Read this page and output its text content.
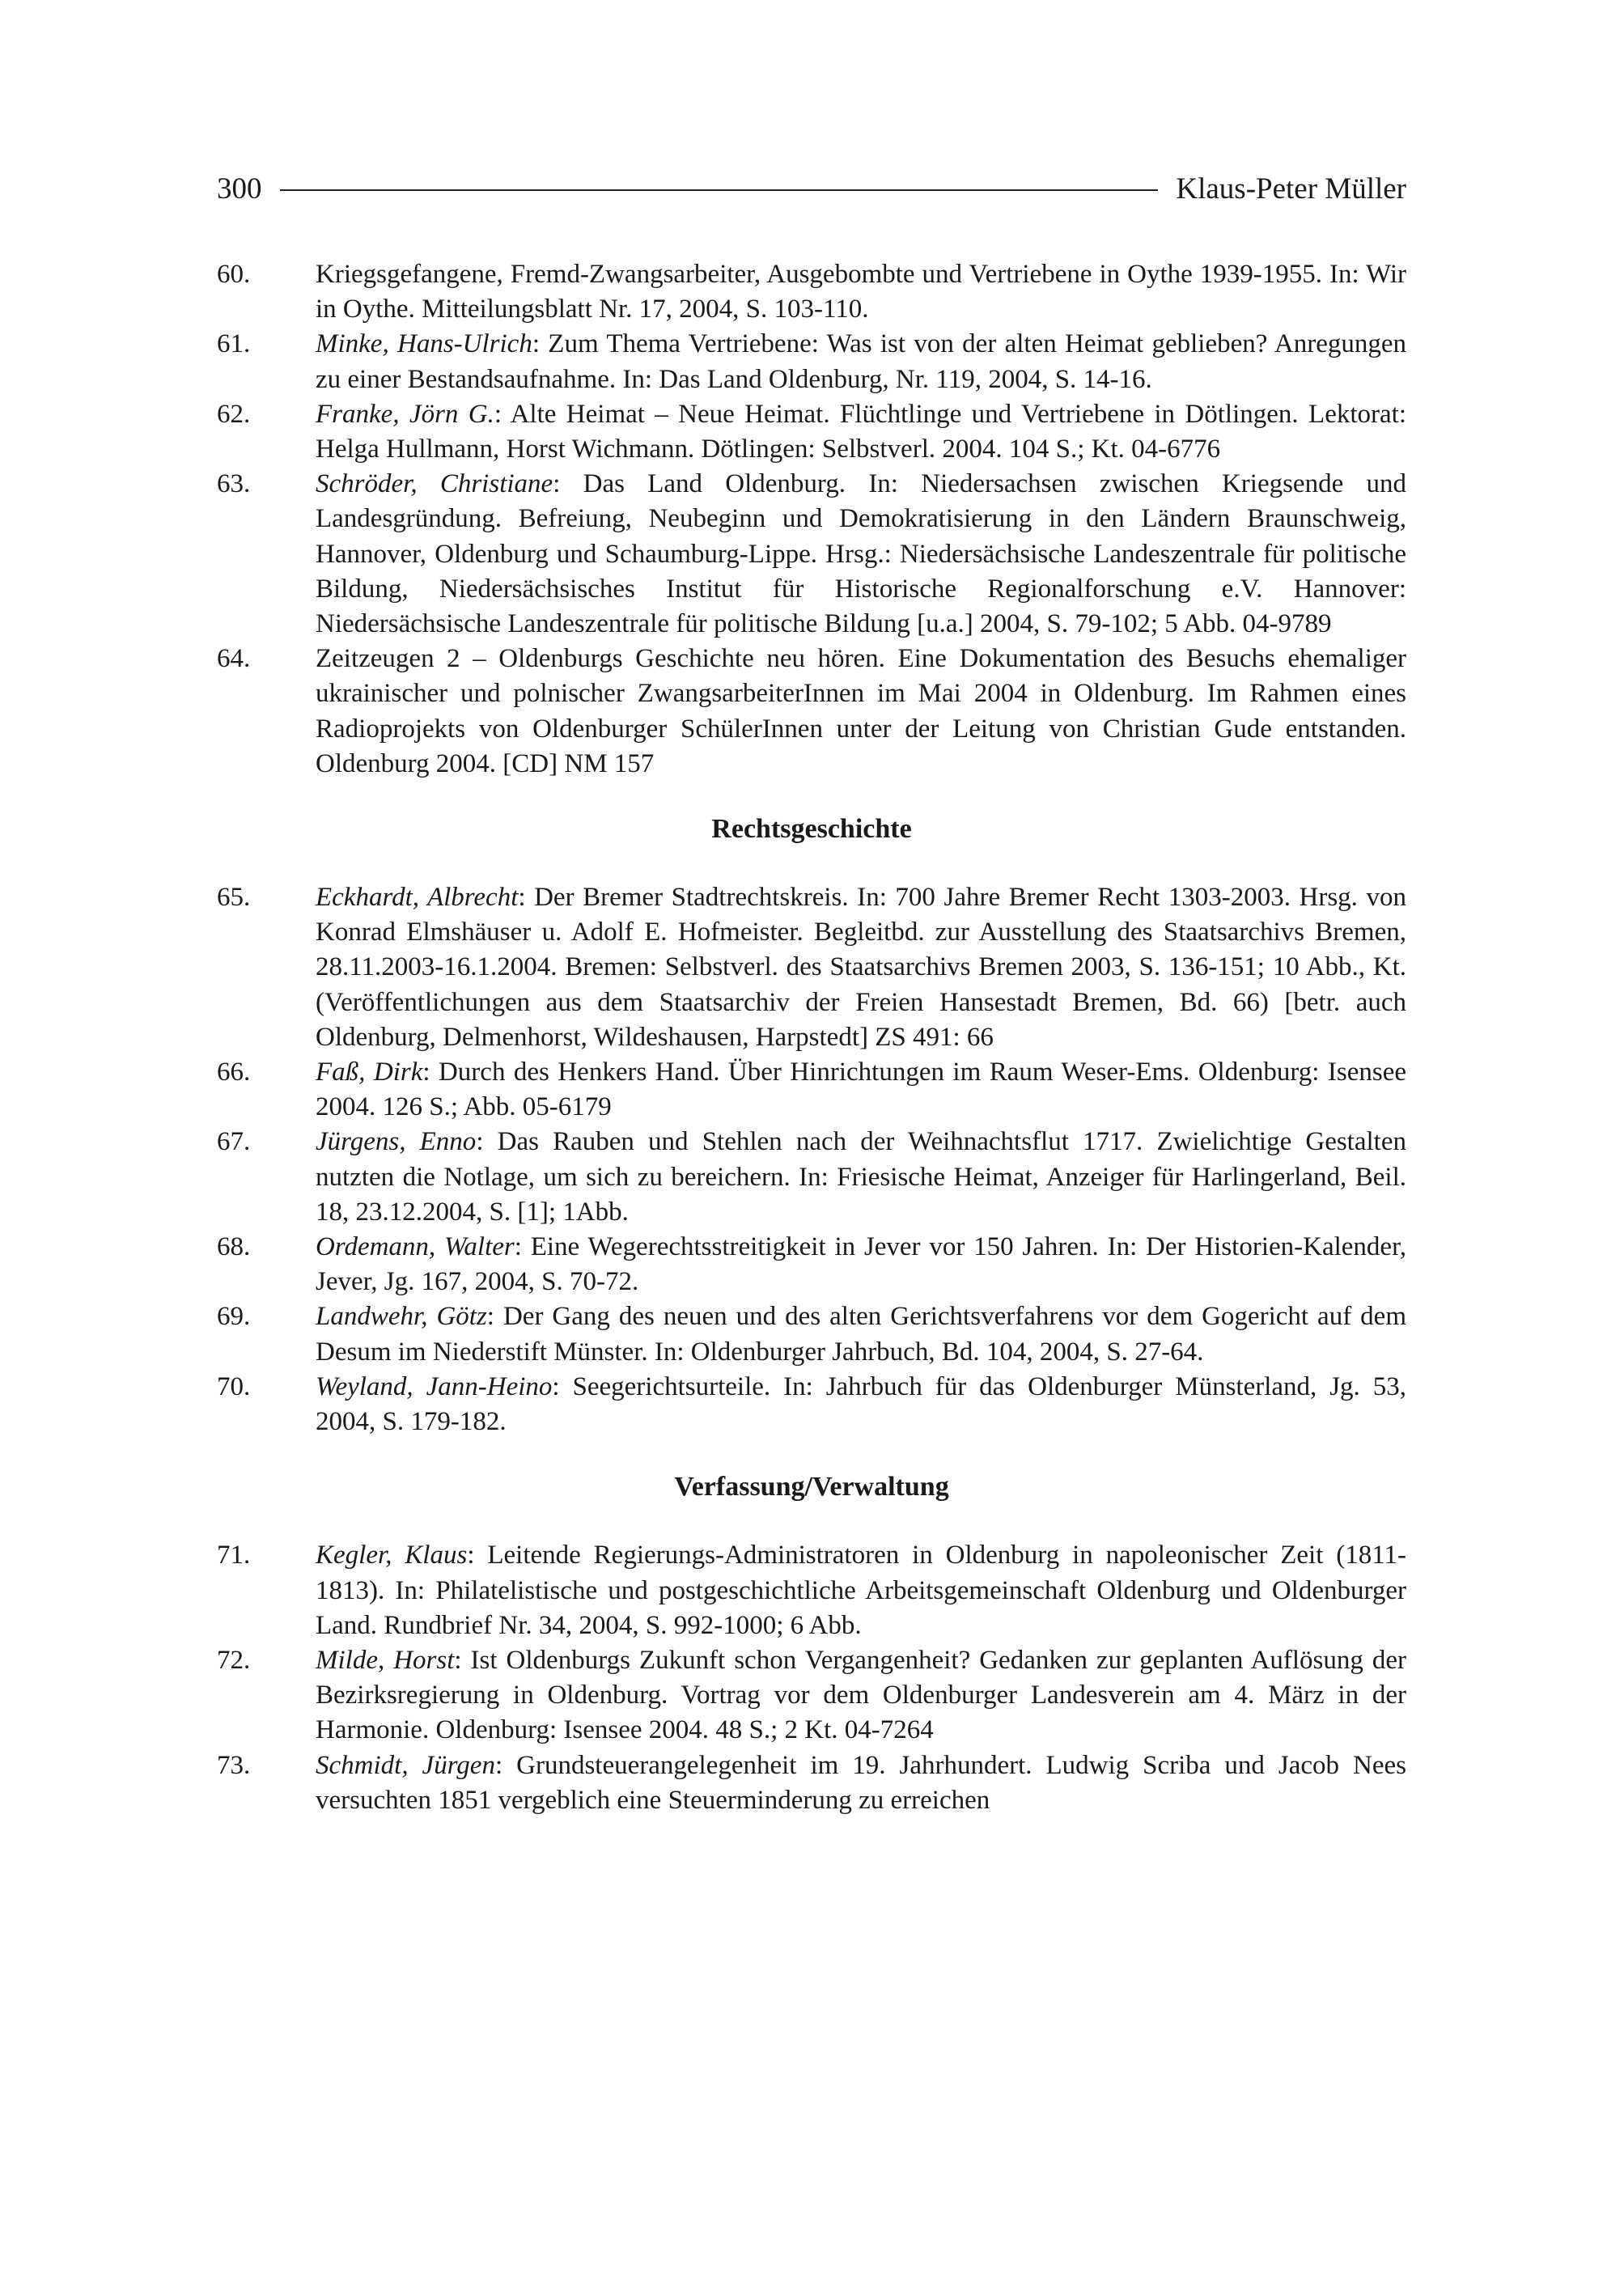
300	Klaus-Peter Müller
60.	Kriegsgefangene, Fremd-Zwangsarbeiter, Ausgebombte und Vertriebene in Oythe 1939-1955. In: Wir in Oythe. Mitteilungsblatt Nr. 17, 2004, S. 103-110.
61.	Minke, Hans-Ulrich: Zum Thema Vertriebene: Was ist von der alten Heimat geblieben? Anregungen zu einer Bestandsaufnahme. In: Das Land Oldenburg, Nr. 119, 2004, S. 14-16.
62.	Franke, Jörn G.: Alte Heimat – Neue Heimat. Flüchtlinge und Vertriebene in Dötlingen. Lektorat: Helga Hullmann, Horst Wichmann. Dötlingen: Selbstverl. 2004. 104 S.; Kt. 04-6776
63.	Schröder, Christiane: Das Land Oldenburg. In: Niedersachsen zwischen Kriegsende und Landesgründung. Befreiung, Neubeginn und Demokratisierung in den Ländern Braunschweig, Hannover, Oldenburg und Schaumburg-Lippe. Hrsg.: Niedersächsische Landeszentrale für politische Bildung, Niedersächsisches Institut für Historische Regionalforschung e.V. Hannover: Niedersächsische Landeszentrale für politische Bildung [u.a.] 2004, S. 79-102; 5 Abb. 04-9789
64.	Zeitzeugen 2 – Oldenburgs Geschichte neu hören. Eine Dokumentation des Besuchs ehemaliger ukrainischer und polnischer ZwangsarbeiterInnen im Mai 2004 in Oldenburg. Im Rahmen eines Radioprojekts von Oldenburger SchülerInnen unter der Leitung von Christian Gude entstanden. Oldenburg 2004. [CD] NM 157
Rechtsgeschichte
65.	Eckhardt, Albrecht: Der Bremer Stadtrechtskreis. In: 700 Jahre Bremer Recht 1303-2003. Hrsg. von Konrad Elmshäuser u. Adolf E. Hofmeister. Begleitbd. zur Ausstellung des Staatsarchivs Bremen, 28.11.2003-16.1.2004. Bremen: Selbstverl. des Staatsarchivs Bremen 2003, S. 136-151; 10 Abb., Kt. (Veröffentlichungen aus dem Staatsarchiv der Freien Hansestadt Bremen, Bd. 66) [betr. auch Oldenburg, Delmenhorst, Wildeshausen, Harpstedt] ZS 491: 66
66.	Faß, Dirk: Durch des Henkers Hand. Über Hinrichtungen im Raum Weser-Ems. Oldenburg: Isensee 2004. 126 S.; Abb. 05-6179
67.	Jürgens, Enno: Das Rauben und Stehlen nach der Weihnachtsflut 1717. Zwielichtige Gestalten nutzten die Notlage, um sich zu bereichern. In: Friesische Heimat, Anzeiger für Harlingerland, Beil. 18, 23.12.2004, S. [1]; 1Abb.
68.	Ordemann, Walter: Eine Wegerechtsstreitigkeit in Jever vor 150 Jahren. In: Der Historien-Kalender, Jever, Jg. 167, 2004, S. 70-72.
69.	Landwehr, Götz: Der Gang des neuen und des alten Gerichtsverfahrens vor dem Gogericht auf dem Desum im Niederstift Münster. In: Oldenburger Jahrbuch, Bd. 104, 2004, S. 27-64.
70.	Weyland, Jann-Heino: Seegerichtsurteile. In: Jahrbuch für das Oldenburger Münsterland, Jg. 53, 2004, S. 179-182.
Verfassung/Verwaltung
71.	Kegler, Klaus: Leitende Regierungs-Administratoren in Oldenburg in napoleonischer Zeit (1811-1813). In: Philatelistische und postgeschichtliche Arbeitsgemeinschaft Oldenburg und Oldenburger Land. Rundbrief Nr. 34, 2004, S. 992-1000; 6 Abb.
72.	Milde, Horst: Ist Oldenburgs Zukunft schon Vergangenheit? Gedanken zur geplanten Auflösung der Bezirksregierung in Oldenburg. Vortrag vor dem Oldenburger Landesverein am 4. März in der Harmonie. Oldenburg: Isensee 2004. 48 S.; 2 Kt. 04-7264
73.	Schmidt, Jürgen: Grundsteuerangelegenheit im 19. Jahrhundert. Ludwig Scriba und Jacob Nees versuchten 1851 vergeblich eine Steuerminderung zu erreichen
